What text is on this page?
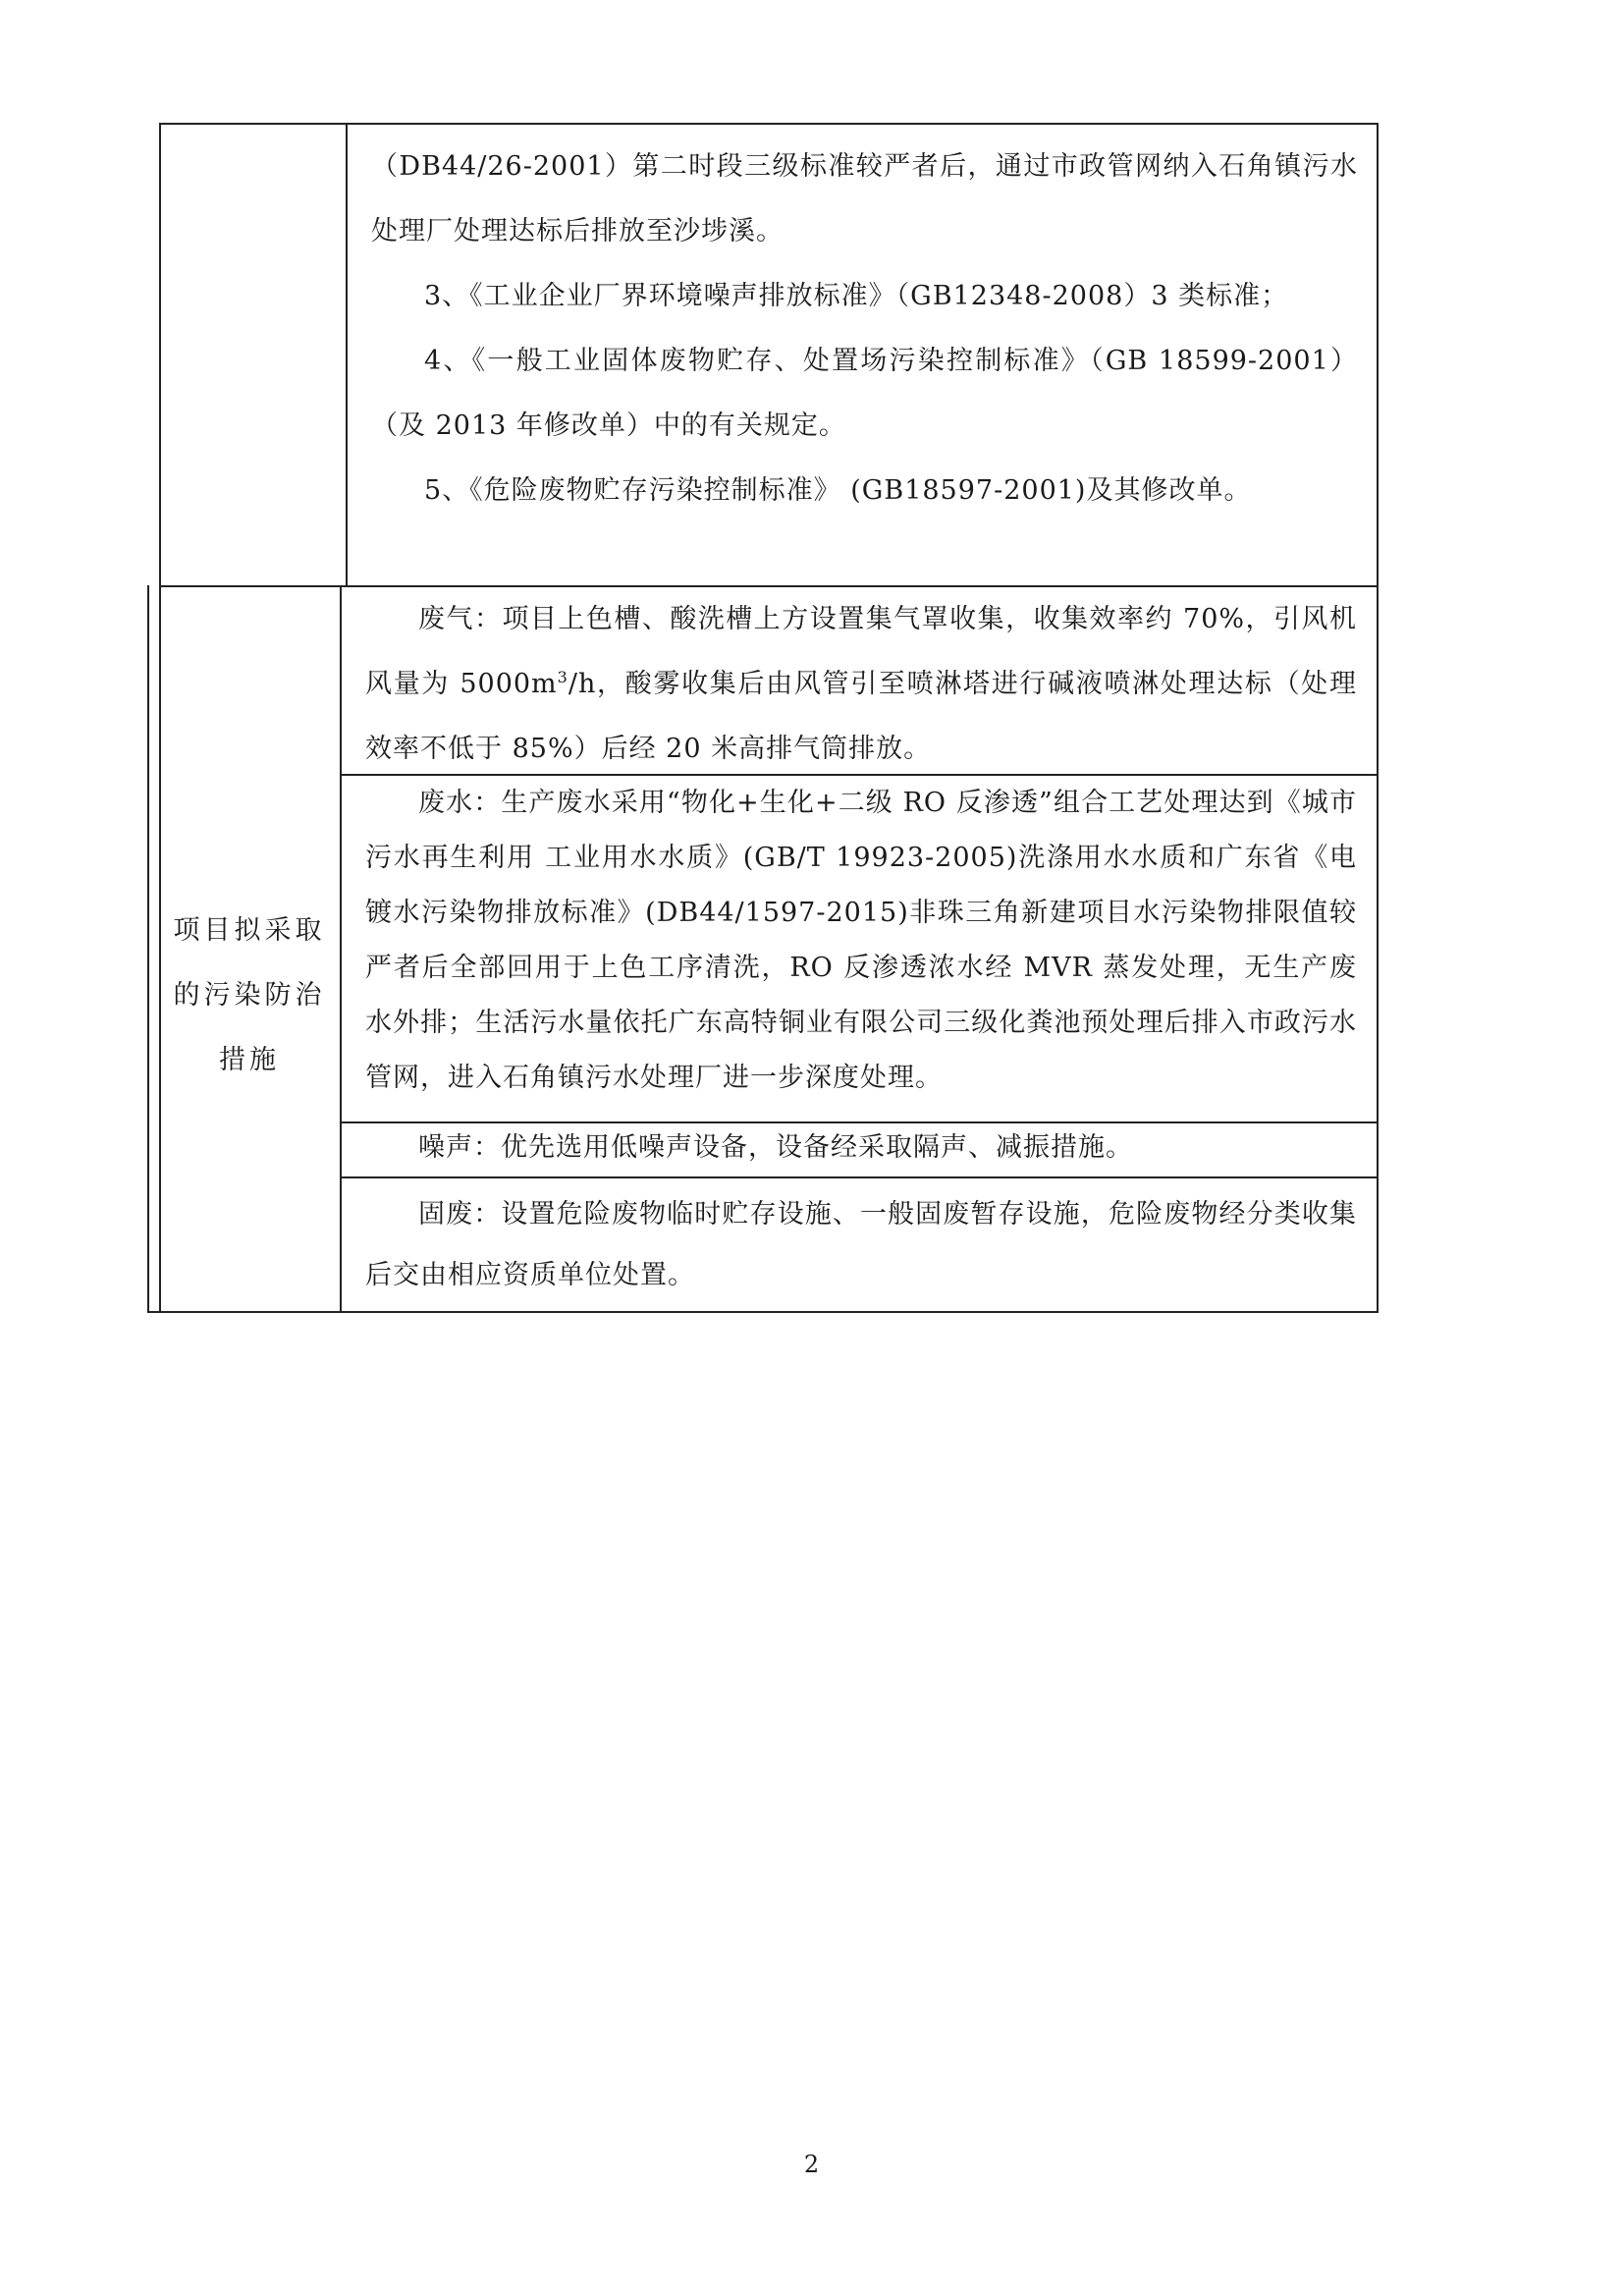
（DB44/26-2001）第二时段三级标准较严者后，通过市政管网纳入石角镇污水处理厂处理达标后排放至沙埗溪。

3、《工业企业厂界环境噪声排放标准》（GB12348-2008）3 类标准；

4、《一般工业固体废物贮存、处置场污染控制标准》（GB 18599-2001）（及 2013 年修改单）中的有关规定。

5、《危险废物贮存污染控制标准》 (GB18597-2001)及其修改单。

项目拟采取
的污染防治
措施

废气：项目上色槽、酸洗槽上方设置集气罩收集，收集效率约 70%，引风机风量为 $5000m^3/h$，酸雾收集后由风管引至喷淋塔进行碱液喷淋处理达标（处理效率不低于 85%）后经 20 米高排气筒排放。

废水：生产废水采用“物化+生化+二级 RO 反渗透”组合工艺处理达到《城市污水再生利用 工业用水水质》(GB/T 19923-2005)洗涤用水水质和广东省《电镀水污染物排放标准》(DB44/1597-2015)非珠三角新建项目水污染物排限值较严者后全部回用于上色工序清洗，RO 反渗透浓水经 MVR 蒸发处理，无生产废水外排；生活污水量依托广东高特铜业有限公司三级化粪池预处理后排入市政污水管网，进入石角镇污水处理厂进一步深度处理。

噪声：优先选用低噪声设备，设备经采取隔声、减振措施。

固废：设置危险废物临时贮存设施、一般固废暂存设施，危险废物经分类收集后交由相应资质单位处置。

2
